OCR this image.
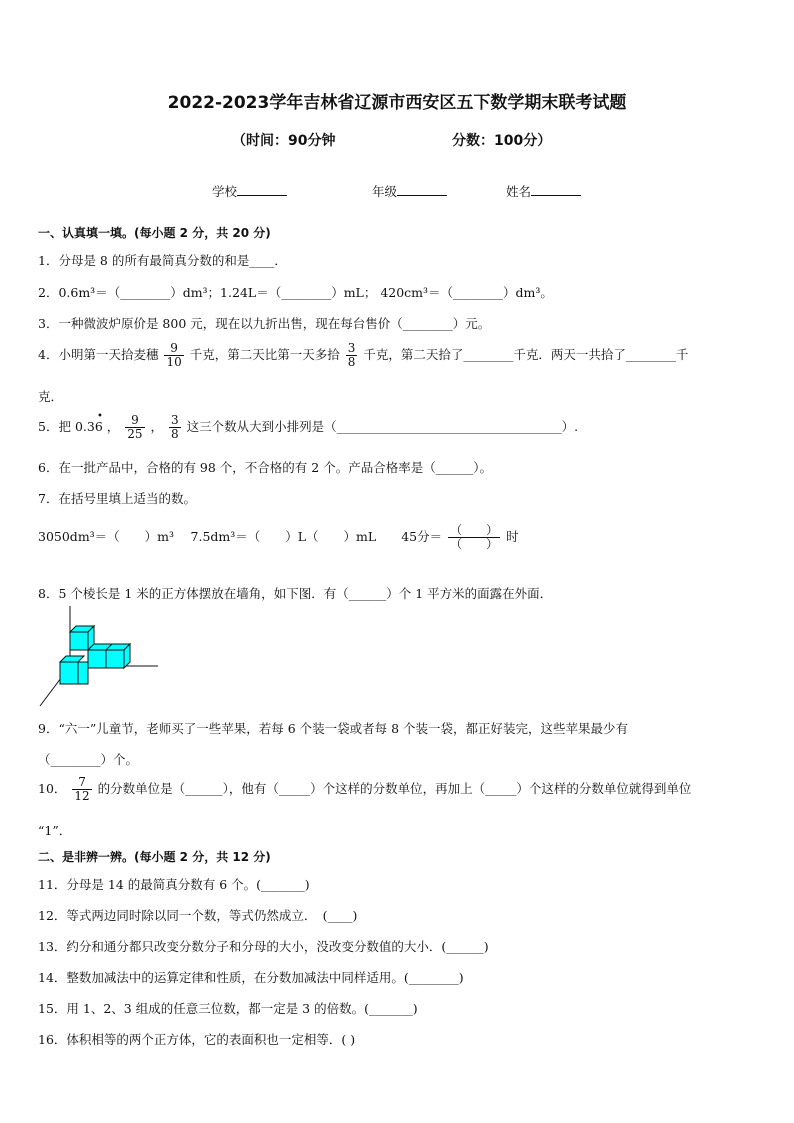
2022-2023学年吉林省辽源市西安区五下数学期末联考试题
（时间：90分钟	分数：100分）
学校	年级	姓名
一、认真填一填。(每小题 2 分，共 20 分)
1．分母是 8 的所有最简真分数的和是____．
2．0.6m³＝（________）dm³；1.24L＝（________）mL； 420cm³＝（________）dm³。
3．一种微波炉原价是 800 元，现在以九折出售，现在每台售价（________）元。
4．小明第一天拾麦穗 $\frac{9}{10}$ 千克，第二天比第一天多拾 $\frac{3}{8}$ 千克，第二天拾了________千克．两天一共拾了________千
克．
5．把 0.36
•
， $\frac{9}{25}$ ， $\frac{3}{8}$ 这三个数从大到小排列是（____________________________________）.
6．在一批产品中，合格的有 98 个，不合格的有 2 个。产品合格率是（______）。
7．在括号里填上适当的数。
3050dm³＝（　　）m³　 7.5dm³＝（　　）L（　　）mL　　45分＝ $\frac{( )}{( )}$ 时
8．5 个棱长是 1 米的正方体摆放在墙角，如下图．有（______）个 1 平方米的面露在外面．
9．“六一”儿童节，老师买了一些苹果，若每 6 个装一袋或者每 8 个装一袋，都正好装完，这些苹果最少有
（________）个。
10． $\frac{7}{12}$ 的分数单位是（______），他有（_____）个这样的分数单位，再加上（_____）个这样的分数单位就得到单位
“1”．
二、是非辨一辨。(每小题 2 分，共 12 分)
11．分母是 14 的最简真分数有 6 个。(_______)
12．等式两边同时除以同一个数，等式仍然成立．　(____)
13．约分和通分都只改变分数分子和分母的大小，没改变分数值的大小．(______)
14．整数加减法中的运算定律和性质，在分数加减法中同样适用。(________)
15．用 1、2、3 组成的任意三位数，都一定是 3 的倍数。(_______)
16．体积相等的两个正方体，它的表面积也一定相等．( )
